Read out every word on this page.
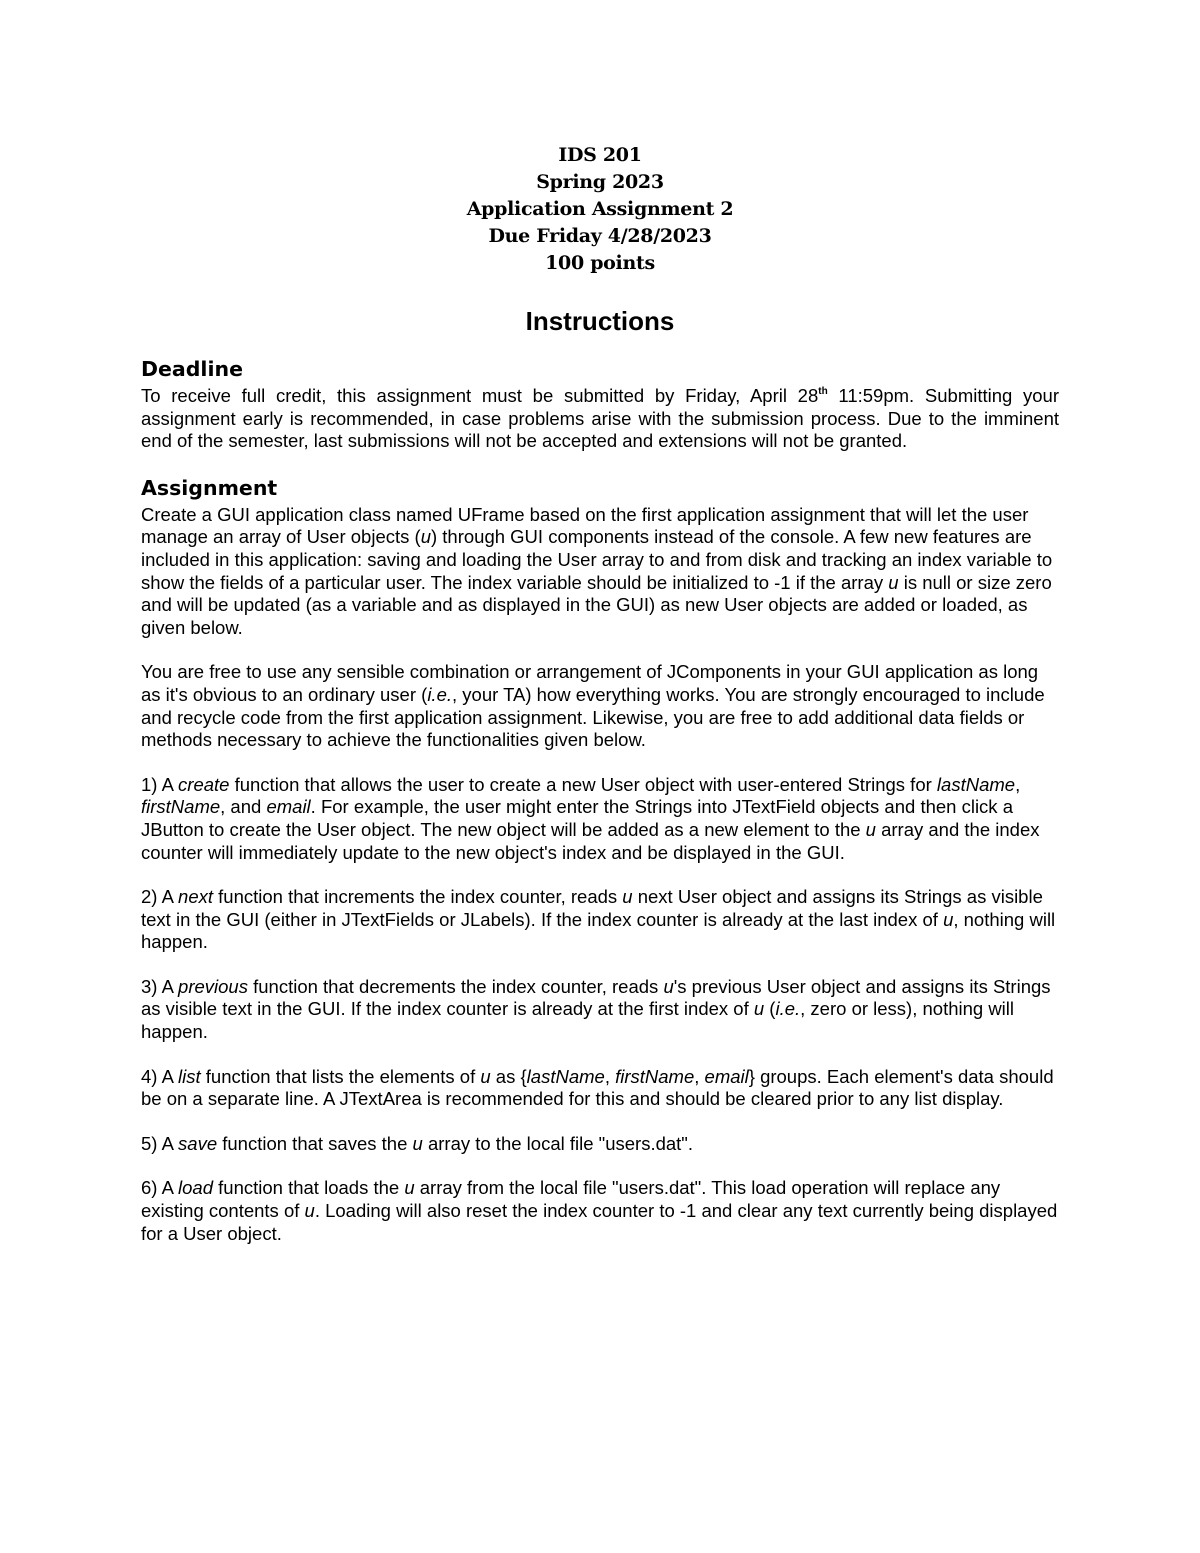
IDS 201
Spring 2023
Application Assignment 2
Due Friday 4/28/2023
100 points
Instructions
Deadline

To receive full credit, this assignment must be submitted by Friday, April 28th 11:59pm. Submitting your assignment early is recommended, in case problems arise with the submission process. Due to the imminent end of the semester, last submissions will not be accepted and extensions will not be granted.

Assignment

Create a GUI application class named UFrame based on the first application assignment that will let the user manage an array of User objects (u) through GUI components instead of the console. A few new features are included in this application: saving and loading the User array to and from disk and tracking an index variable to show the fields of a particular user. The index variable should be initialized to -1 if the array u is null or size zero and will be updated (as a variable and as displayed in the GUI) as new User objects are added or loaded, as given below.

You are free to use any sensible combination or arrangement of JComponents in your GUI application as long as it's obvious to an ordinary user (i.e., your TA) how everything works. You are strongly encouraged to include and recycle code from the first application assignment. Likewise, you are free to add additional data fields or methods necessary to achieve the functionalities given below.

1) A create function that allows the user to create a new User object with user-entered Strings for lastName, firstName, and email. For example, the user might enter the Strings into JTextField objects and then click a JButton to create the User object. The new object will be added as a new element to the u array and the index counter will immediately update to the new object's index and be displayed in the GUI.

2) A next function that increments the index counter, reads u next User object and assigns its Strings as visible text in the GUI (either in JTextFields or JLabels). If the index counter is already at the last index of u, nothing will happen.

3) A previous function that decrements the index counter, reads u's previous User object and assigns its Strings as visible text in the GUI. If the index counter is already at the first index of u (i.e., zero or less), nothing will happen.

4) A list function that lists the elements of u as {lastName, firstName, email} groups. Each element's data should be on a separate line. A JTextArea is recommended for this and should be cleared prior to any list display.

5) A save function that saves the u array to the local file "users.dat".

6) A load function that loads the u array from the local file "users.dat". This load operation will replace any existing contents of u. Loading will also reset the index counter to -1 and clear any text currently being displayed for a User object.
